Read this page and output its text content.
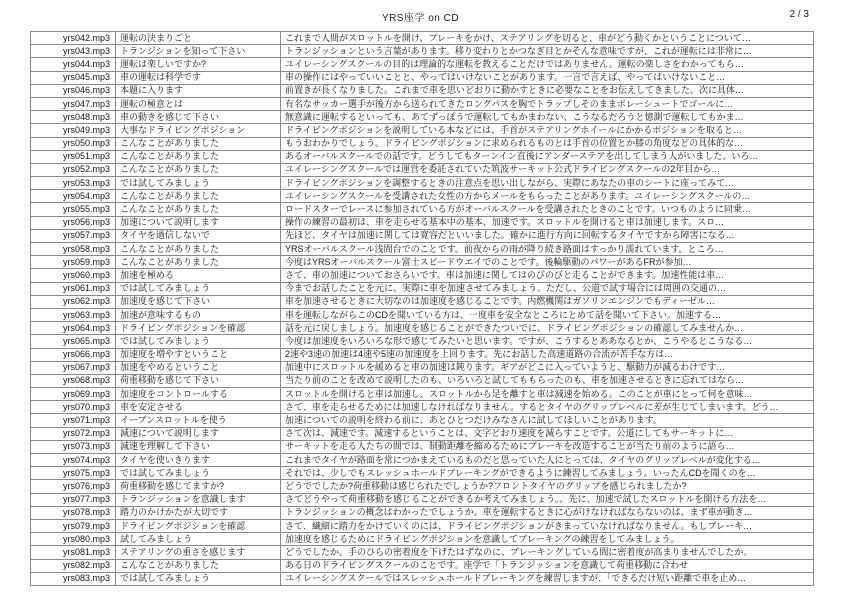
YRS座学 on CD	2 / 3
yrs042.mp3	運転の決まりごと	これまで人間がスロットルを開け、ブレーキをかけ、ステアリングを切ると、車がどう動くかということについて…
yrs043.mp3	トランジションを知って下さい	トランジッションという言葉があります。移り変わりとかつなぎ目とかそんな意味ですが、これが運転には非常に…
yrs044.mp3	運転は楽しいですか?	ユイレーシングスクールの目的は理論的な運転を教えることだけではありません。運転の楽しさをわかってもら…
yrs045.mp3	車の運転は科学です	車の操作にはやっていいことと、やってはいけないことがあります。一言で言えば、やってはいけないこと…
yrs046.mp3	本題に入ります	前置きが長くなりました。これまで車を思いどおりに動かすときに必要なことをお伝えしてきました。次に具体…
yrs047.mp3	運転の極意とは	有名なサッカー選手が後方から送られてきたロングパスを胸でトラップしそのままボレーシュートでゴールに…
yrs048.mp3	車の動きを感じて下さい	無意識に運転するといっても、あてずっぽうで運転してもかまわない、こうなるだろうと憶測で運転してもかま…
yrs049.mp3	大事なドライビングポジション	ドライビングポジションを説明している本などには、手首がステアリングホイールにかかるポジションを取ると…
yrs050.mp3	こんなことがありました	もうおわかりでしょう。ドライビングポジションに求められるものとは手首の位置とか膝の角度などの具体的な…
yrs051.mp3	こんなことがありました	あるオーバルスクールでの話です。どうしてもターンイン直後にアンダーステアを出してしまう人がいました。いろ…
yrs052.mp3	こんなことがありました	ユイレーシングスクールでは運営を委託されていた筑波サーキット公式ドライビングスクールの2年目から…
yrs053.mp3	では試してみましょう	ドライビングポジションを調整するときの注意点を思い出しながら、実際にあなたの車のシートに座ってみて…
yrs054.mp3	こんなことがありました	ユイレーシングスクールを受講された女性の方からメールをもらったことがあります。ユイレーシングスクールの…
yrs055.mp3	こんなことがありました	ロードスターでレースに参加されている方がオーバルスクールを受講されたときのことです。いつものように同乗…
yrs056.mp3	加速について説明します	操作の練習の最初は、車を走らせる基本中の基本、加速です。スロットルを開けると車は加速します。スロ…
yrs057.mp3	タイヤを過信しないで	先ほど、タイヤは加速に関しては寛容だといいました。確かに進行方向に回転するタイヤですから障害になる…
yrs058.mp3	こんなことがありました	YRSオーバルスクール浅間台でのことです。前夜からの雨が降り続き路面はすっかり濡れています。ところ…
yrs059.mp3	こんなことがありました	今度はYRSオーバルスクール富士スピードウエイでのことです。後輪駆動のパワーがあるFRが参加…
yrs060.mp3	加速を極める	さて、車の加速についておさらいです。車は加速に関してはのびのびと走ることができます。加速性能は車…
yrs061.mp3	では試してみましょう	今までお話したことを元に、実際に車を加速させてみましょう。ただし、公道で試す場合には周囲の交通の…
yrs062.mp3	加速度を感じて下さい	車を加速させるときに大切なのは加速度を感じることです。内燃機関はガソリンエンジンでもディーゼル…
yrs063.mp3	加速が意味するもの	車を運転しながらこのCDを聞いている方は、一度車を安全なところにとめて話を聞いて下さい。加速する…
yrs064.mp3	ドライビングポジションを確認	話を元に戻しましょう。加速度を感じることができたついでに、ドライビングポジションの確認してみませんか…
yrs065.mp3	では試してみましょう	今度は加速度をいろいろな形で感じてみたいと思います。ですが、こうするとああなるとか、こうやるとこうなる…
yrs066.mp3	加速度を増やすということ	2速や3速の加速は4速や5速の加速度を上回ります。先にお話した高速道路の合流が苦手な方は…
yrs067.mp3	加速をやめるということ	加速中にスロットルを緩めると車の加速は鈍ります。ギアがどこに入っていようと、駆動力が減るわけです…
yrs068.mp3	荷重移動を感じて下さい	当たり前のことを改めて説明したのも、いろいろと試してももらったのも、車を加速させるときに忘れてはなら…
yrs069.mp3	加速度をコントロールする	スロットルを開けると車は加速し、スロットルから足を離すと車は減速を始める。このことが車にとって何を意味…
yrs070.mp3	車を安定させる	さて、車を走らせるためには加速しなければなりません。するとタイヤのグリップレベルに差が生じてしまいます。どう…
yrs071.mp3	イーブンスロットルを使う	加速についての説明を終わる前に、あとひとつだけみなさんに試してほしいことがあります。
yrs072.mp3	減速について説明します	さて次は、減速です。減速するということは、文字どおり速度を減らすことです。公道にしてもサーキットに…
yrs073.mp3	減速を理解して下さい	サーキットを走る人たちの間では、制動距離を縮めるためにブレーキを改造することが当たり前のように語ら…
yrs074.mp3	タイヤを使いきります	これまでタイヤが路面を常につかまえているものだと思っていた人にとっては、タイヤのグリップレベルが変化する…
yrs075.mp3	では試してみましょう	それでは、少しでもスレッシュホールドブレーキングができるように練習してみましょう。いったんCDを聞くのを…
yrs076.mp3	荷重移動を感じてますか?	どうででしたか?荷重移動は感じられたでしょうか?フロントタイヤのグリップを感じられましたか?
yrs077.mp3	トランジッションを意識します	さてどうやって荷重移動を感じることができるか考えてみましょう。。先に、加速で試したスロットルを開ける方法を…
yrs078.mp3	踏力のかけかたが大切です	トランジッションの概念はわかったでしょうか。車を運転するときに心がけなければならないのは、まず車が動き…
yrs079.mp3	ドライビングポジションを確認	さて、繊細に踏力をかけていくのには、ドライビングポジションがきまっていなければなりません。もしブレーキ…
yrs080.mp3	試してみましょう	加速度を感じるためにドライビングポジションを意識してブレーキングの練習をしてみましょう。
yrs081.mp3	ステアリングの重さを感じます	どうでしたか。手のひらの密着度を下げたはずなのに、ブレーキングしている間に密着度が高まりませんでしたか。
yrs082.mp3	こんなことがありました	ある日のドライビングスクールのことです。座学で「トランジッションを意識して荷重移動に合わせ
yrs083.mp3	では試してみましょう	ユイレーシングスクールではスレッシュホールドブレーキングを練習しますが、「できるだけ短い距離で車を止め…
